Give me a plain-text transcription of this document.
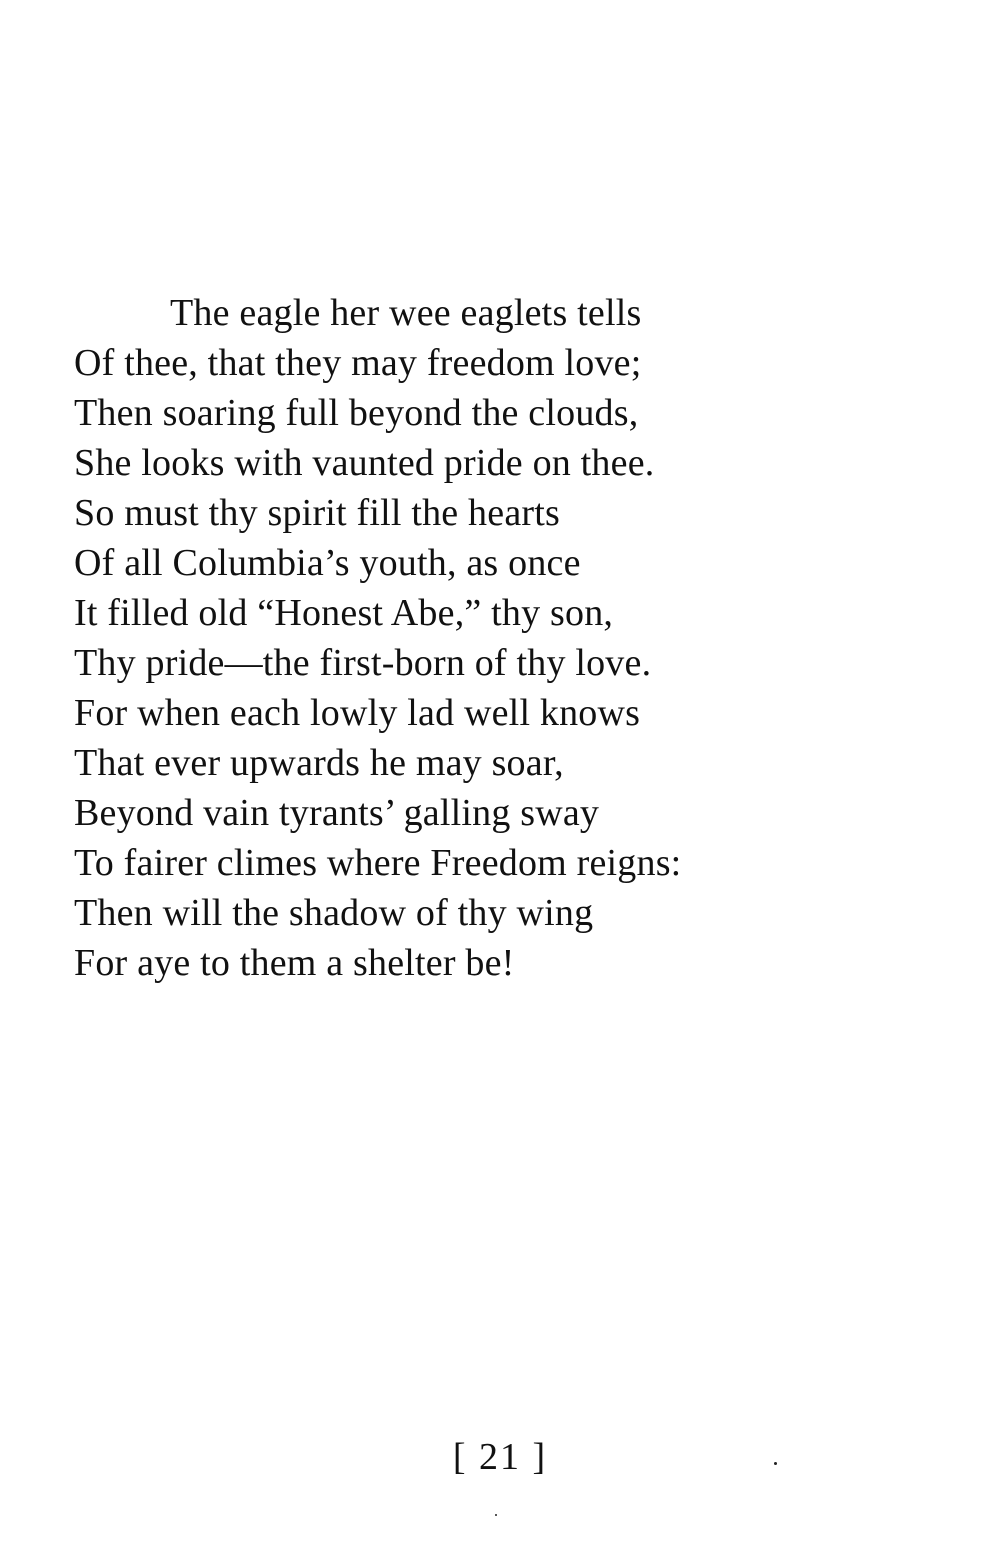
The eagle her wee eaglets tells
Of thee, that they may freedom love;
Then soaring full beyond the clouds,
She looks with vaunted pride on thee.
So must thy spirit fill the hearts
Of all Columbia’s youth, as once
It filled old “Honest Abe,” thy son,
Thy pride—the first-born of thy love.
For when each lowly lad well knows
That ever upwards he may soar,
Beyond vain tyrants’ galling sway
To fairer climes where Freedom reigns:
Then will the shadow of thy wing
For aye to them a shelter be!
[ 21 ]
